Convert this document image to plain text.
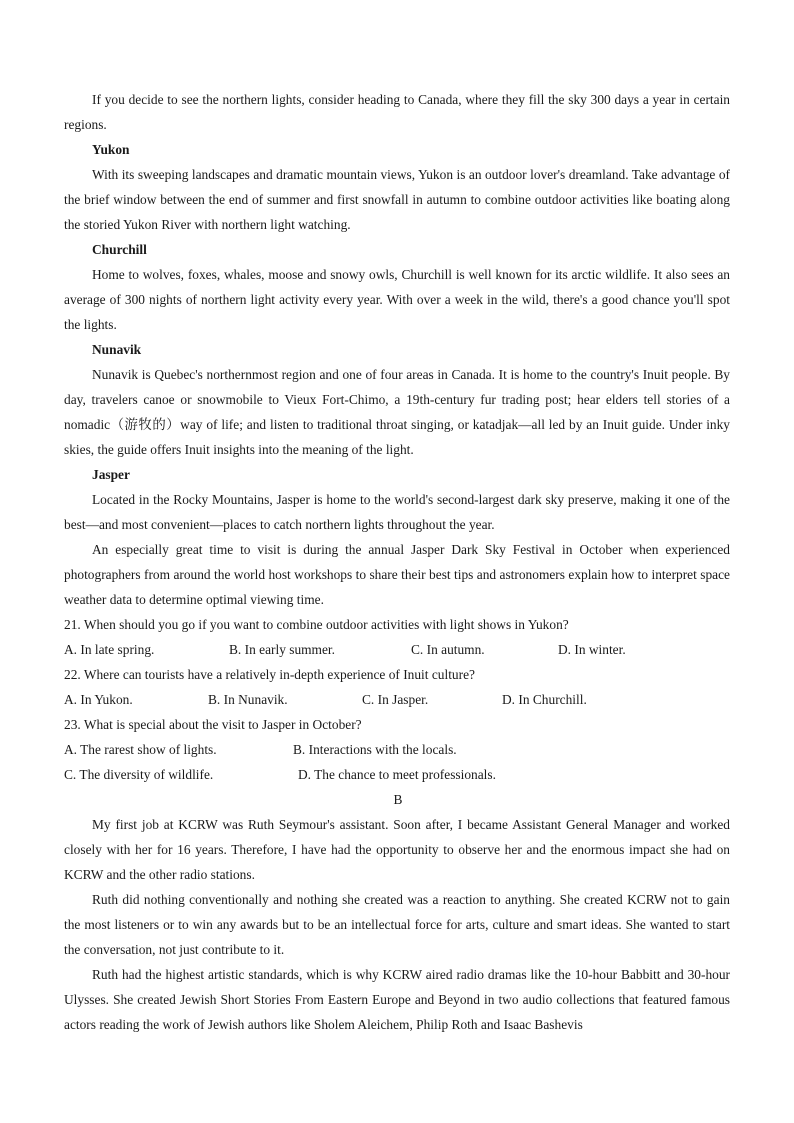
If you decide to see the northern lights, consider heading to Canada, where they fill the sky 300 days a year in certain regions.

Yukon

With its sweeping landscapes and dramatic mountain views, Yukon is an outdoor lover's dreamland. Take advantage of the brief window between the end of summer and first snowfall in autumn to combine outdoor activities like boating along the storied Yukon River with northern light watching.

Churchill

Home to wolves, foxes, whales, moose and snowy owls, Churchill is well known for its arctic wildlife. It also sees an average of 300 nights of northern light activity every year. With over a week in the wild, there's a good chance you'll spot the lights.

Nunavik

Nunavik is Quebec's northernmost region and one of four areas in Canada. It is home to the country's Inuit people. By day, travelers canoe or snowmobile to Vieux Fort-Chimo, a 19th-century fur trading post; hear elders tell stories of a nomadic（游牧的）way of life; and listen to traditional throat singing, or katadjak—all led by an Inuit guide. Under inky skies, the guide offers Inuit insights into the meaning of the light.

Jasper

Located in the Rocky Mountains, Jasper is home to the world's second-largest dark sky preserve, making it one of the best—and most convenient—places to catch northern lights throughout the year.

An especially great time to visit is during the annual Jasper Dark Sky Festival in October when experienced photographers from around the world host workshops to share their best tips and astronomers explain how to interpret space weather data to determine optimal viewing time.

21. When should you go if you want to combine outdoor activities with light shows in Yukon?

A. In late spring.	B. In early summer.	C. In autumn.	D. In winter.

22. Where can tourists have a relatively in-depth experience of Inuit culture?

A. In Yukon.	B. In Nunavik.	C. In Jasper.	D. In Churchill.

23. What is special about the visit to Jasper in October?

A. The rarest show of lights.	B. Interactions with the locals.
C. The diversity of wildlife.	D. The chance to meet professionals.

B

My first job at KCRW was Ruth Seymour's assistant. Soon after, I became Assistant General Manager and worked closely with her for 16 years. Therefore, I have had the opportunity to observe her and the enormous impact she had on KCRW and the other radio stations.

Ruth did nothing conventionally and nothing she created was a reaction to anything. She created KCRW not to gain the most listeners or to win any awards but to be an intellectual force for arts, culture and smart ideas. She wanted to start the conversation, not just contribute to it.

Ruth had the highest artistic standards, which is why KCRW aired radio dramas like the 10-hour Babbitt and 30-hour Ulysses. She created Jewish Short Stories From Eastern Europe and Beyond in two audio collections that featured famous actors reading the work of Jewish authors like Sholem Aleichem, Philip Roth and Isaac Bashevis
